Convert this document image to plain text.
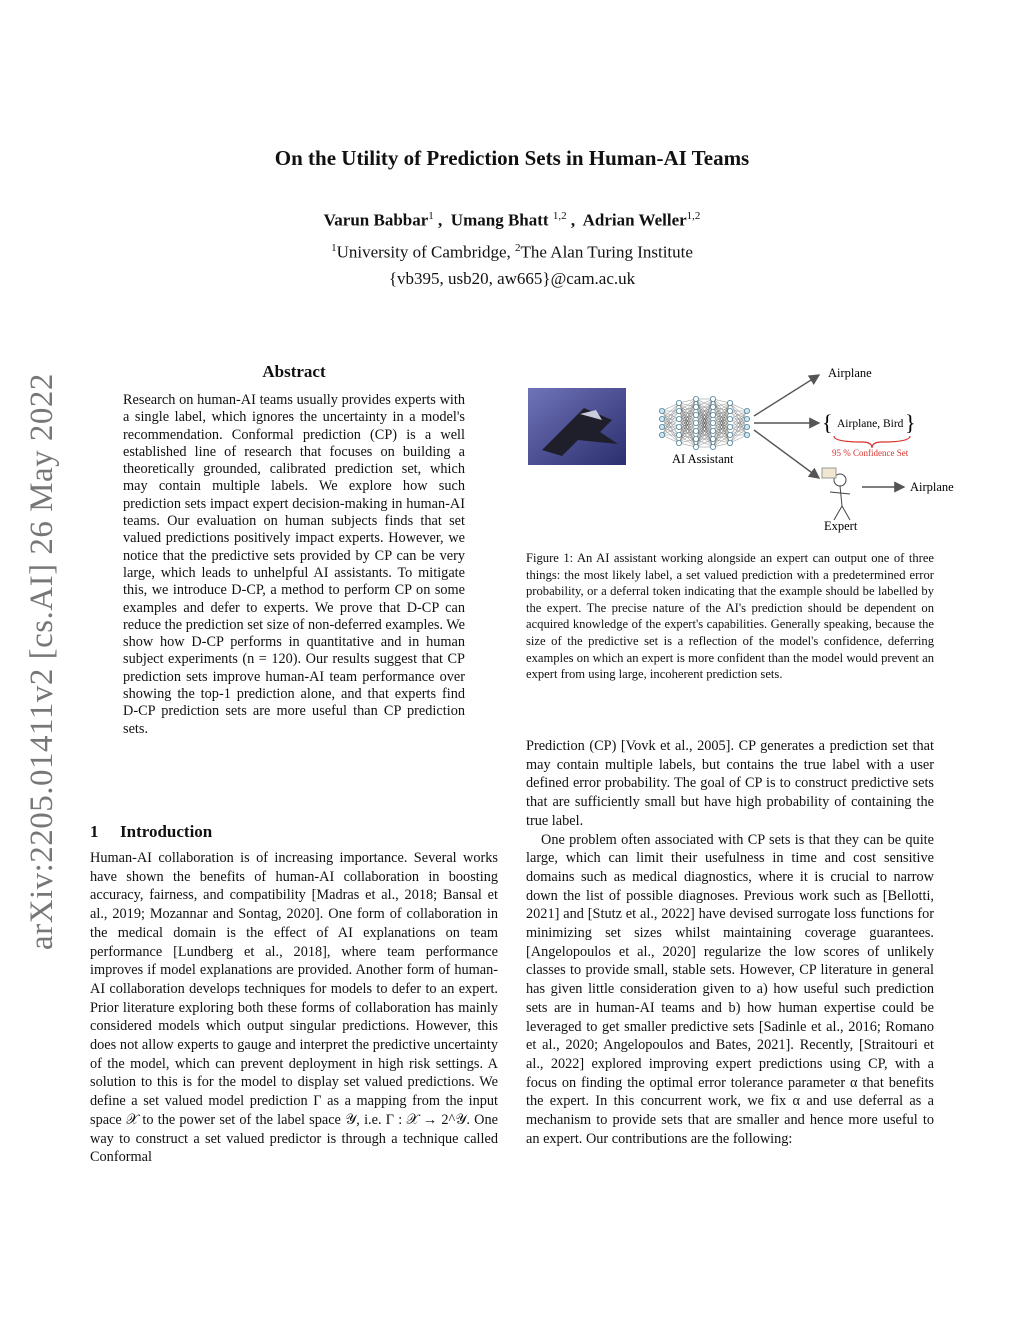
On the Utility of Prediction Sets in Human-AI Teams
Varun Babbar$^1$ ,  Umang Bhatt $^{1,2}$ ,  Adrian Weller$^{1,2}$
$^1$University of Cambridge, $^2$The Alan Turing Institute
{vb395, usb20, aw665}@cam.ac.uk
arXiv:2205.01411v2 [cs.AI] 26 May 2022
Abstract
Research on human-AI teams usually provides experts with a single label, which ignores the uncertainty in a model's recommendation. Conformal prediction (CP) is a well established line of research that focuses on building a theoretically grounded, calibrated prediction set, which may contain multiple labels. We explore how such prediction sets impact expert decision-making in human-AI teams. Our evaluation on human subjects finds that set valued predictions positively impact experts. However, we notice that the predictive sets provided by CP can be very large, which leads to unhelpful AI assistants. To mitigate this, we introduce D-CP, a method to perform CP on some examples and defer to experts. We prove that D-CP can reduce the prediction set size of non-deferred examples. We show how D-CP performs in quantitative and in human subject experiments (n = 120). Our results suggest that CP prediction sets improve human-AI team performance over showing the top-1 prediction alone, and that experts find D-CP prediction sets are more useful than CP prediction sets.
1 Introduction

Human-AI collaboration is of increasing importance. Several works have shown the benefits of human-AI collaboration in boosting accuracy, fairness, and compatibility [Madras et al., 2018; Bansal et al., 2019; Mozannar and Sontag, 2020]. One form of collaboration in the medical domain is the effect of AI explanations on team performance [Lundberg et al., 2018], where team performance improves if model explanations are provided. Another form of human-AI collaboration develops techniques for models to defer to an expert. Prior literature exploring both these forms of collaboration has mainly considered models which output singular predictions. However, this does not allow experts to gauge and interpret the predictive uncertainty of the model, which can prevent deployment in high risk settings. A solution to this is for the model to display set valued predictions. We define a set valued model prediction Γ as a mapping from the input space 𝒳 to the power set of the label space 𝒴, i.e. Γ : 𝒳 → 2^𝒴. One way to construct a set valued predictor is through a technique called Conformal

Prediction (CP) [Vovk et al., 2005]. CP generates a prediction set that may contain multiple labels, but contains the true label with a user defined error probability. The goal of CP is to construct predictive sets that are sufficiently small but have high probability of containing the true label.

One problem often associated with CP sets is that they can be quite large, which can limit their usefulness in time and cost sensitive domains such as medical diagnostics, where it is crucial to narrow down the list of possible diagnoses. Previous work such as [Bellotti, 2021] and [Stutz et al., 2022] have devised surrogate loss functions for minimizing set sizes whilst maintaining coverage guarantees. [Angelopoulos et al., 2020] regularize the low scores of unlikely classes to provide small, stable sets. However, CP literature in general has given little consideration given to a) how useful such prediction sets are in human-AI teams and b) how human expertise could be leveraged to get smaller predictive sets [Sadinle et al., 2016; Romano et al., 2020; Angelopoulos and Bates, 2021]. Recently, [Straitouri et al., 2022] explored improving expert predictions using CP, with a focus on finding the optimal error tolerance parameter α that benefits the expert. In this concurrent work, we fix α and use deferral as a mechanism to provide sets that are smaller and hence more useful to an expert. Our contributions are the following:

AI Assistant
Airplane
{ Airplane, Bird }
95 % Confidence Set
Airplane
Expert
Figure 1: An AI assistant working alongside an expert can output one of three things: the most likely label, a set valued prediction with a predetermined error probability, or a deferral token indicating that the example should be labelled by the expert. The precise nature of the AI's prediction should be dependent on acquired knowledge of the expert's capabilities. Generally speaking, because the size of the predictive set is a reflection of the model's confidence, deferring examples on which an expert is more confident than the model would prevent an expert from using large, incoherent prediction sets.
